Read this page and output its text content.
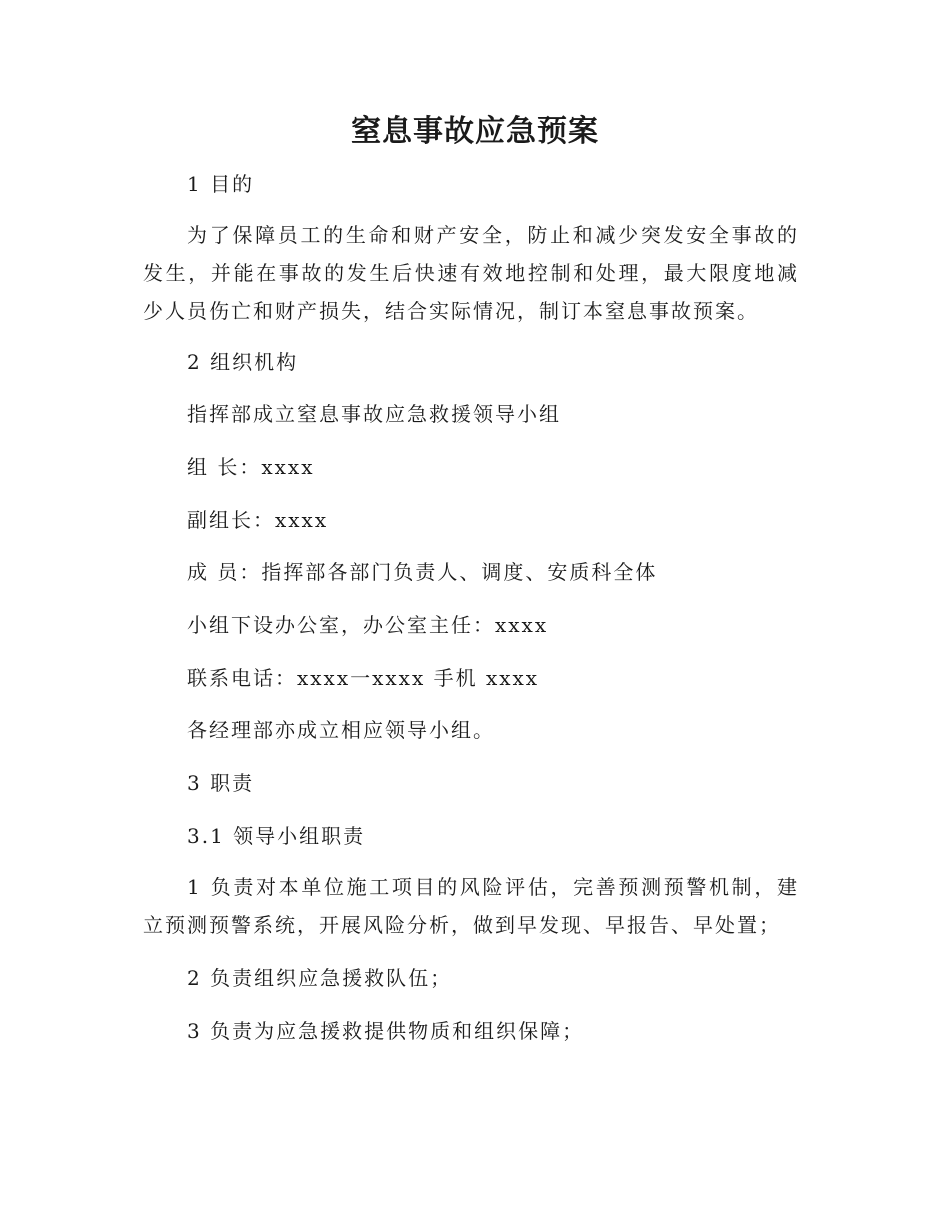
窒息事故应急预案
1 目的
为了保障员工的生命和财产安全，防止和减少突发安全事故的发生，并能在事故的发生后快速有效地控制和处理，最大限度地减少人员伤亡和财产损失，结合实际情况，制订本窒息事故预案。
2 组织机构
指挥部成立窒息事故应急救援领导小组
组 长：xxxx
副组长：xxxx
成 员：指挥部各部门负责人、调度、安质科全体
小组下设办公室，办公室主任：xxxx
联系电话：xxxx一xxxx 手机 xxxx
各经理部亦成立相应领导小组。
3 职责
3.1 领导小组职责
1 负责对本单位施工项目的风险评估，完善预测预警机制，建立预测预警系统，开展风险分析，做到早发现、早报告、早处置；
2 负责组织应急援救队伍；
3 负责为应急援救提供物质和组织保障；
